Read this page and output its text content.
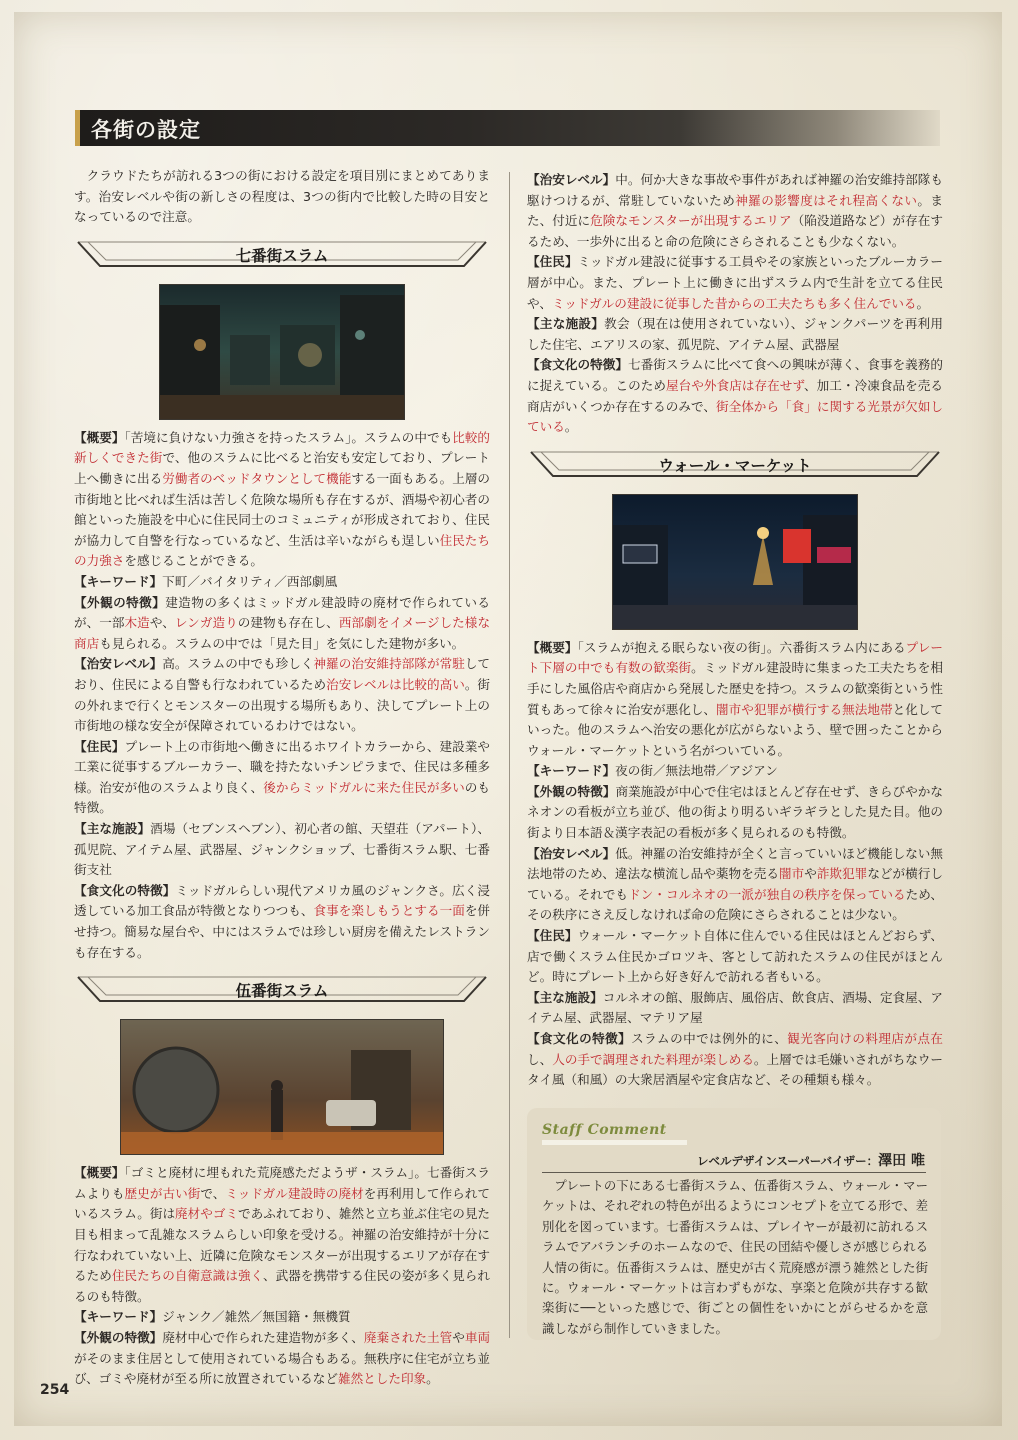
各街の設定

クラウドたちが訪れる3つの街における設定を項目別にまとめてあります。治安レベルや街の新しさの程度は、3つの街内で比較した時の目安となっているので注意。

七番街スラム

【概要】「苦境に負けない力強さを持ったスラム」。スラムの中でも比較的新しくできた街で、他のスラムに比べると治安も安定しており、プレート上へ働きに出る労働者のベッドタウンとして機能する一面もある。上層の市街地と比べれば生活は苦しく危険な場所も存在するが、酒場や初心者の館といった施設を中心に住民同士のコミュニティが形成されており、住民が協力して自警を行なっているなど、生活は辛いながらも逞しい住民たちの力強さを感じることができる。

【キーワード】下町／バイタリティ／西部劇風

【外観の特徴】建造物の多くはミッドガル建設時の廃材で作られているが、一部木造や、レンガ造りの建物も存在し、西部劇をイメージした様な商店も見られる。スラムの中では「見た目」を気にした建物が多い。

【治安レベル】高。スラムの中でも珍しく神羅の治安維持部隊が常駐しており、住民による自警も行なわれているため治安レベルは比較的高い。街の外れまで行くとモンスターの出現する場所もあり、決してプレート上の市街地の様な安全が保障されているわけではない。

【住民】プレート上の市街地へ働きに出るホワイトカラーから、建設業や工業に従事するブルーカラー、職を持たないチンピラまで、住民は多種多様。治安が他のスラムより良く、後からミッドガルに来た住民が多いのも特徴。

【主な施設】酒場（セブンスヘブン）、初心者の館、天望荘（アパート）、孤児院、アイテム屋、武器屋、ジャンクショップ、七番街スラム駅、七番街支社

【食文化の特徴】ミッドガルらしい現代アメリカ風のジャンクさ。広く浸透している加工食品が特徴となりつつも、食事を楽しもうとする一面を併せ持つ。簡易な屋台や、中にはスラムでは珍しい厨房を備えたレストランも存在する。

伍番街スラム

【概要】「ゴミと廃材に埋もれた荒廃感ただようザ・スラム」。七番街スラムよりも歴史が古い街で、ミッドガル建設時の廃材を再利用して作られているスラム。街は廃材やゴミであふれており、雑然と立ち並ぶ住宅の見た目も相まって乱雑なスラムらしい印象を受ける。神羅の治安維持が十分に行なわれていない上、近隣に危険なモンスターが出現するエリアが存在するため住民たちの自衛意識は強く、武器を携帯する住民の姿が多く見られるのも特徴。

【キーワード】ジャンク／雑然／無国籍・無機質

【外観の特徴】廃材中心で作られた建造物が多く、廃棄された土管や車両がそのまま住居として使用されている場合もある。無秩序に住宅が立ち並び、ゴミや廃材が至る所に放置されているなど雑然とした印象。

【治安レベル】中。何か大きな事故や事件があれば神羅の治安維持部隊も駆けつけるが、常駐していないため神羅の影響度はそれ程高くない。また、付近に危険なモンスターが出現するエリア（陥没道路など）が存在するため、一歩外に出ると命の危険にさらされることも少なくない。

【住民】ミッドガル建設に従事する工員やその家族といったブルーカラー層が中心。また、プレート上に働きに出ずスラム内で生計を立てる住民や、ミッドガルの建設に従事した昔からの工夫たちも多く住んでいる。

【主な施設】教会（現在は使用されていない）、ジャンクパーツを再利用した住宅、エアリスの家、孤児院、アイテム屋、武器屋

【食文化の特徴】七番街スラムに比べて食への興味が薄く、食事を義務的に捉えている。このため屋台や外食店は存在せず、加工・冷凍食品を売る商店がいくつか存在するのみで、街全体から「食」に関する光景が欠如している。

ウォール・マーケット

【概要】「スラムが抱える眠らない夜の街」。六番街スラム内にあるプレート下層の中でも有数の歓楽街。ミッドガル建設時に集まった工夫たちを相手にした風俗店や商店から発展した歴史を持つ。スラムの歓楽街という性質もあって徐々に治安が悪化し、闇市や犯罪が横行する無法地帯と化していった。他のスラムへ治安の悪化が広がらないよう、壁で囲ったことからウォール・マーケットという名がついている。

【キーワード】夜の街／無法地帯／アジアン

【外観の特徴】商業施設が中心で住宅はほとんど存在せず、きらびやかなネオンの看板が立ち並び、他の街より明るいギラギラとした見た目。他の街より日本語＆漢字表記の看板が多く見られるのも特徴。

【治安レベル】低。神羅の治安維持が全くと言っていいほど機能しない無法地帯のため、違法な横流し品や薬物を売る闇市や詐欺犯罪などが横行している。それでもドン・コルネオの一派が独自の秩序を保っているため、その秩序にさえ反しなければ命の危険にさらされることは少ない。

【住民】ウォール・マーケット自体に住んでいる住民はほとんどおらず、店で働くスラム住民かゴロツキ、客として訪れたスラムの住民がほとんど。時にプレート上から好き好んで訪れる者もいる。

【主な施設】コルネオの館、服飾店、風俗店、飲食店、酒場、定食屋、アイテム屋、武器屋、マテリア屋

【食文化の特徴】スラムの中では例外的に、観光客向けの料理店が点在し、人の手で調理された料理が楽しめる。上層では毛嫌いされがちなウータイ風（和風）の大衆居酒屋や定食店など、その種類も様々。

Staff Comment
レベルデザインスーパーバイザー：澤田 唯

プレートの下にある七番街スラム、伍番街スラム、ウォール・マーケットは、それぞれの特色が出るようにコンセプトを立てる形で、差別化を図っています。七番街スラムは、プレイヤーが最初に訪れるスラムでアバランチのホームなので、住民の団結や優しさが感じられる人情の街に。伍番街スラムは、歴史が古く荒廃感が漂う雑然とした街に。ウォール・マーケットは言わずもがな、享楽と危険が共存する歓楽街に──といった感じで、街ごとの個性をいかにとがらせるかを意識しながら制作していきました。

254
